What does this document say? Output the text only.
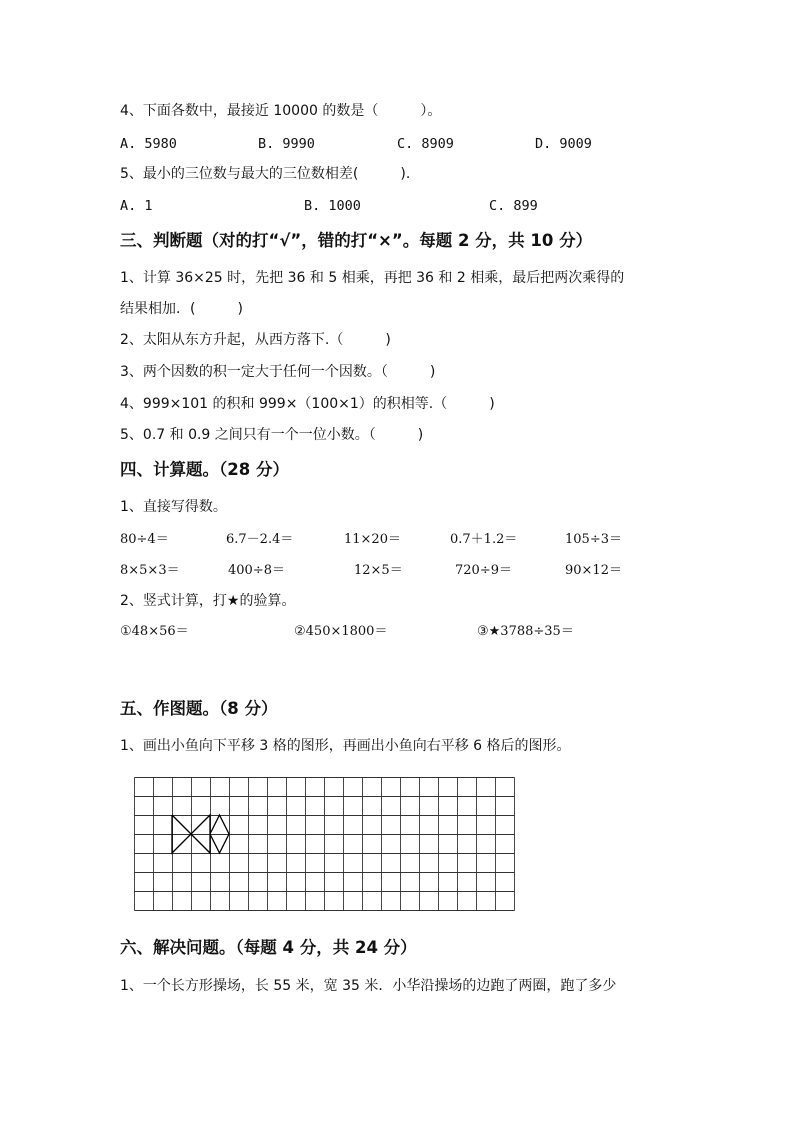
4、下面各数中，最接近 10000 的数是（　　　）。
A. 5980	B. 9990	C. 8909	D. 9009
5、最小的三位数与最大的三位数相差(　　　).
A. 1	B. 1000	C. 899
三、判断题（对的打“√”，错的打“×”。每题 2 分，共 10 分）
1、计算 36×25 时，先把 36 和 5 相乘，再把 36 和 2 相乘，最后把两次乘得的
结果相加．(　　　)
2、太阳从东方升起，从西方落下.（　　　)
3、两个因数的积一定大于任何一个因数。（　　　)
4、999×101 的积和 999×（100×1）的积相等.（　　　)
5、0.7 和 0.9 之间只有一个一位小数。（　　　)
四、计算题。（28 分）
1、直接写得数。
80÷4＝	6.7－2.4＝	11×20＝	0.7＋1.2＝	105÷3＝
8×5×3＝	400÷8＝	12×5＝	720÷9＝	90×12＝
2、竖式计算，打★的验算。
①48×56＝	②450×1800＝	③★3788÷35＝
五、作图题。（8 分）
1、画出小鱼向下平移 3 格的图形，再画出小鱼向右平移 6 格后的图形。
六、解决问题。（每题 4 分，共 24 分）
1、一个长方形操场，长 55 米，宽 35 米．小华沿操场的边跑了两圈，跑了多少
